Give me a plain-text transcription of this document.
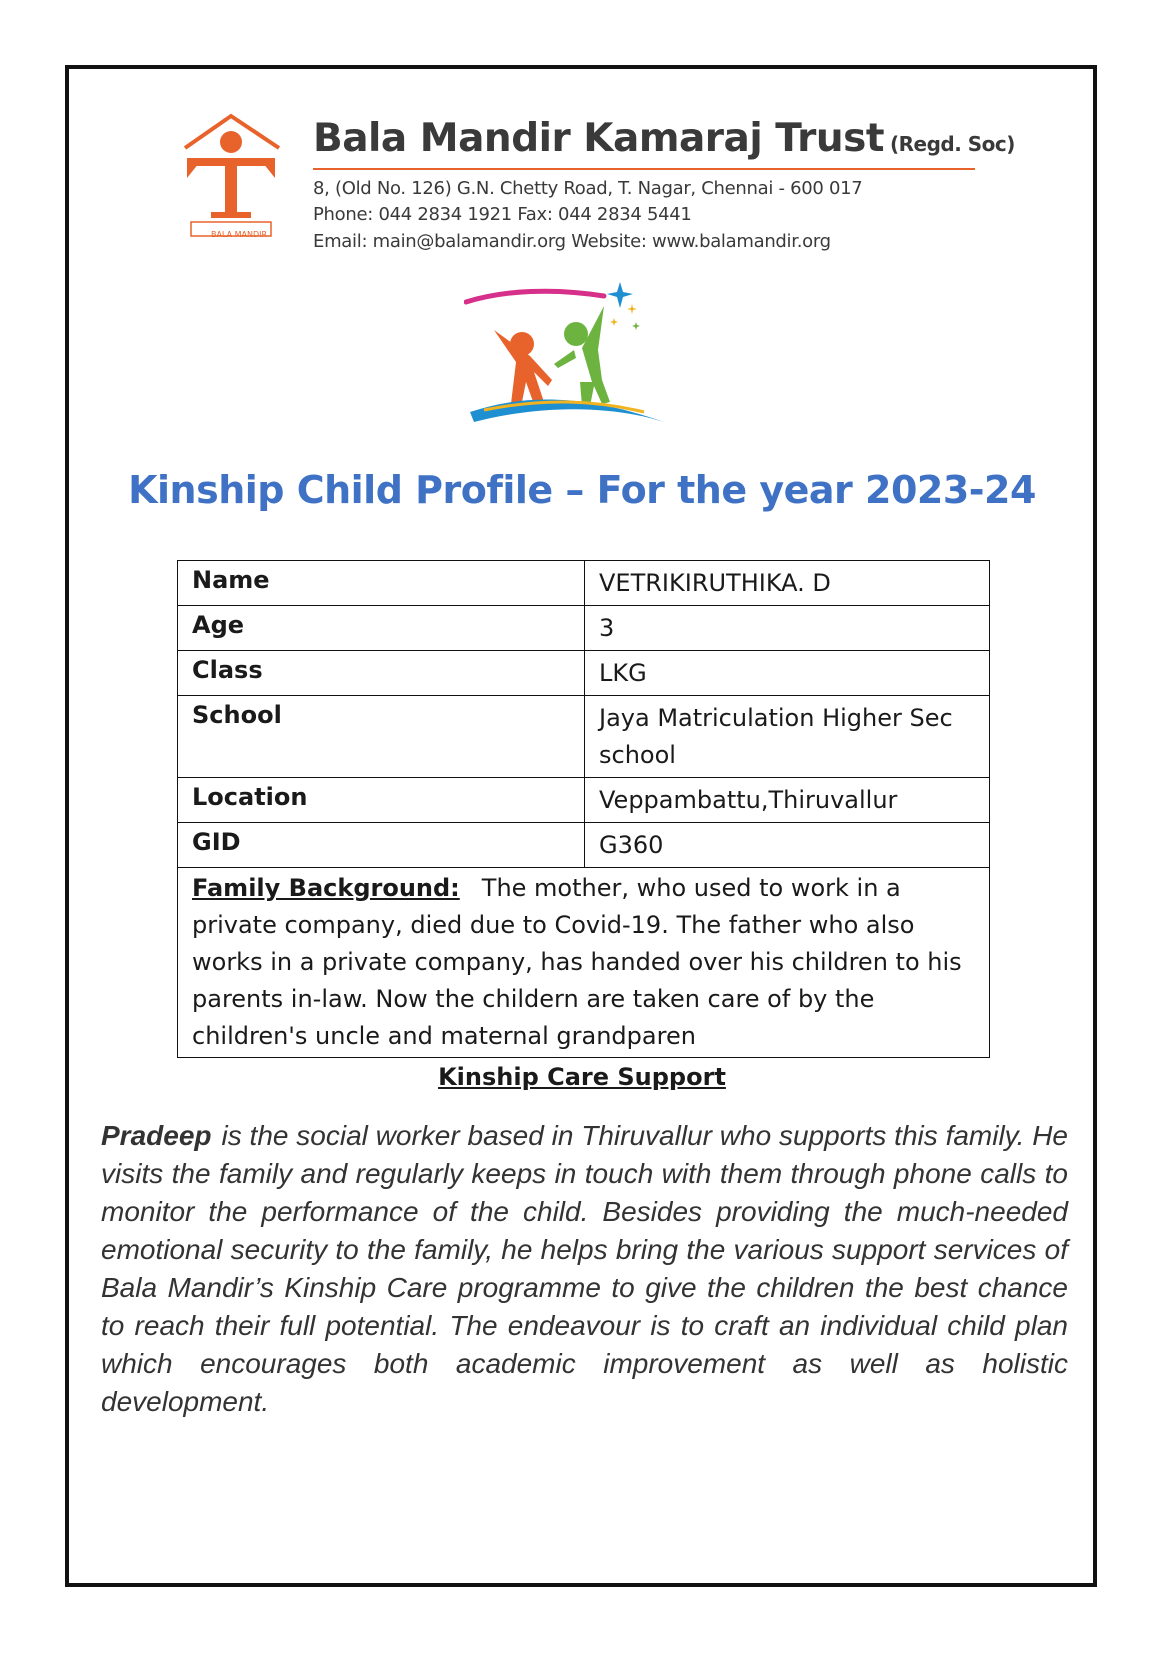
BALA MANDIR
Bala Mandir Kamaraj Trust (Regd. Soc)
8, (Old No. 126) G.N. Chetty Road, T. Nagar, Chennai - 600 017
Phone: 044 2834 1921 Fax: 044 2834 5441
Email: main@balamandir.org Website: www.balamandir.org
Kinship Child Profile – For the year 2023-24
Name	VETRIKIRUTHIKA. D
Age	3
Class	LKG
School	Jaya Matriculation Higher Sec school
Location	Veppambattu,Thiruvallur
GID	G360
Family Background: The mother, who used to work in a private company, died due to Covid-19. The father who also works in a private company, has handed over his children to his parents in-law. Now the childern are taken care of by the children's uncle and maternal grandparen	
Kinship Care Support
Pradeep is the social worker based in Thiruvallur who supports this family. He visits the family and regularly keeps in touch with them through phone calls to monitor the performance of the child. Besides providing the much-needed emotional security to the family, he helps bring the various support services of Bala Mandir’s Kinship Care programme to give the children the best chance to reach their full potential. The endeavour is to craft an individual child plan which encourages both academic improvement as well as holistic development.
